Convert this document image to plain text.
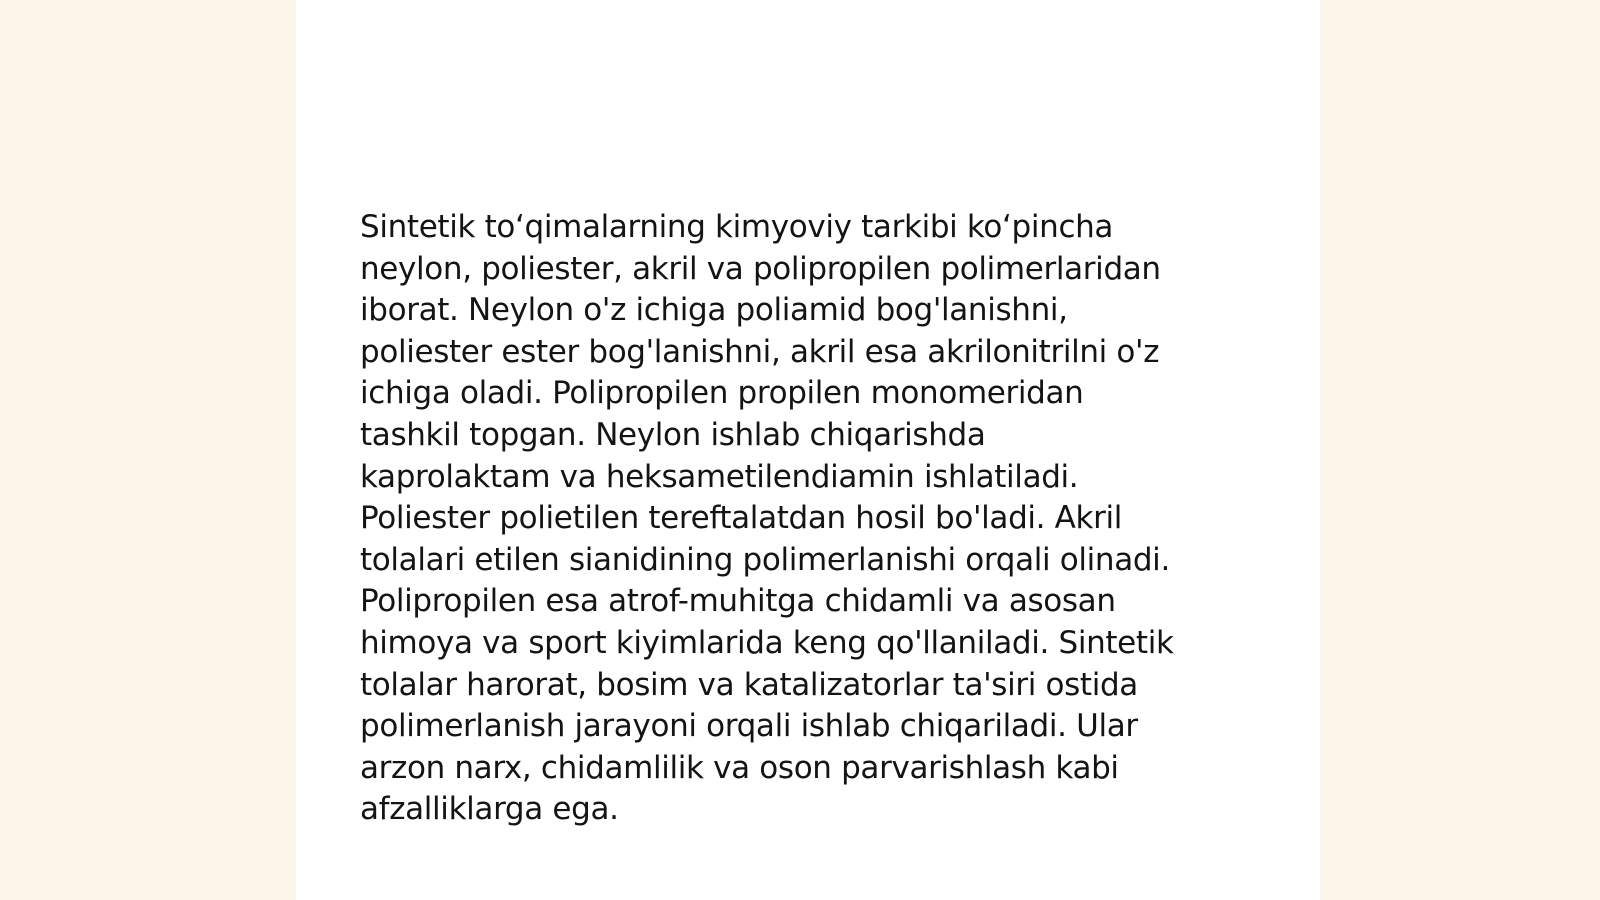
Sintetik to‘qimalarning kimyoviy tarkibi ko‘pincha
neylon, poliester, akril va polipropilen polimerlaridan
iborat. Neylon o'z ichiga poliamid bog'lanishni,
poliester ester bog'lanishni, akril esa akrilonitrilni o'z
ichiga oladi. Polipropilen propilen monomeridan
tashkil topgan. Neylon ishlab chiqarishda
kaprolaktam va heksametilendiamin ishlatiladi.
Poliester polietilen tereftalatdan hosil bo'ladi. Akril
tolalari etilen sianidining polimerlanishi orqali olinadi.
Polipropilen esa atrof-muhitga chidamli va asosan
himoya va sport kiyimlarida keng qo'llaniladi. Sintetik
tolalar harorat, bosim va katalizatorlar ta'siri ostida
polimerlanish jarayoni orqali ishlab chiqariladi. Ular
arzon narx, chidamlilik va oson parvarishlash kabi
afzalliklarga ega.
